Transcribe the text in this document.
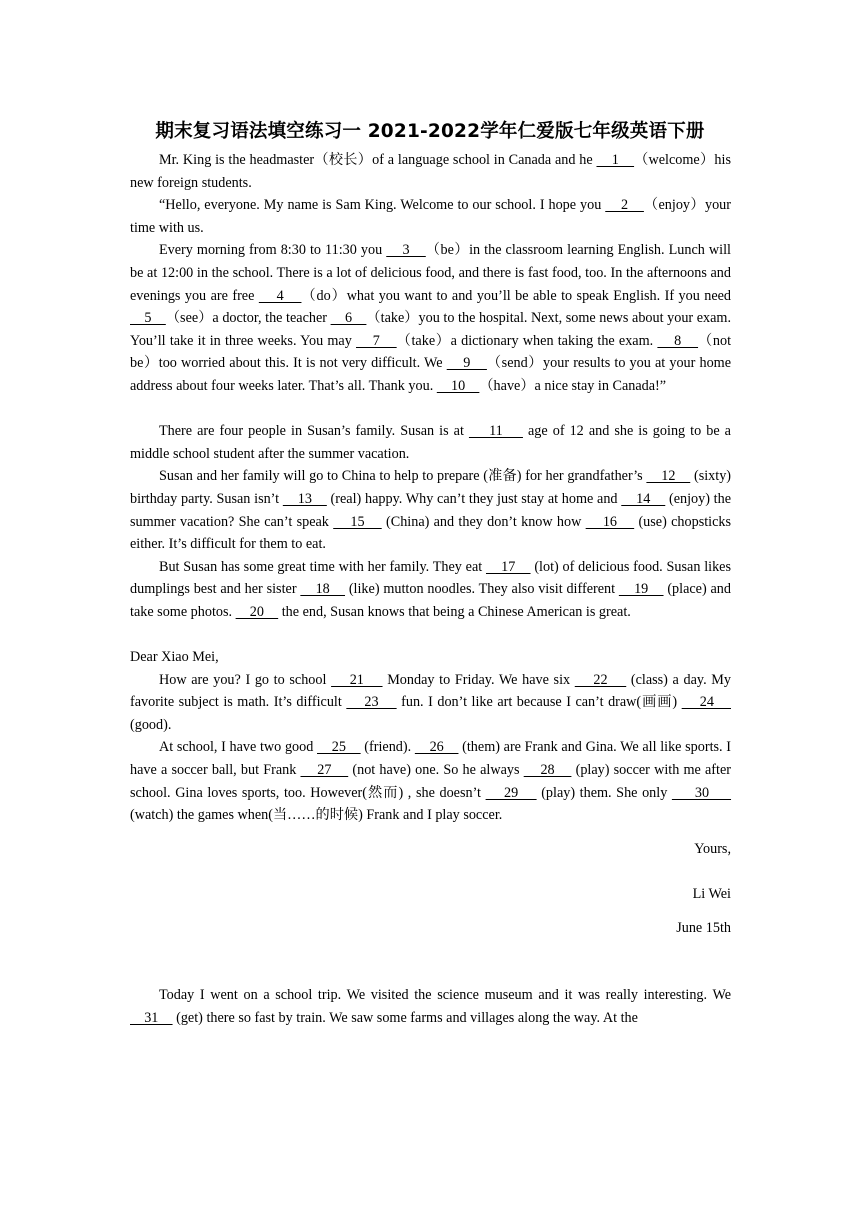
期末复习语法填空练习一 2021-2022学年仁爱版七年级英语下册

Mr. King is the headmaster（校长）of a language school in Canada and he     1    （welcome）his new foreign students.

“Hello, everyone. My name is Sam King. Welcome to our school. I hope you     2    （enjoy）your time with us.

Every morning from 8:30 to 11:30 you     3    （be）in the classroom learning English. Lunch will be at 12:00 in the school. There is a lot of delicious food, and there is fast food, too. In the afternoons and evenings you are free     4    （do）what you want to and you’ll be able to speak English. If you need     5    （see）a doctor, the teacher     6    （take）you to the hospital. Next, some news about your exam. You’ll take it in three weeks. You may     7    （take）a dictionary when taking the exam.     8    （not be）too worried about this. It is not very difficult. We     9    （send）your results to you at your home address about four weeks later. That’s all. Thank you.     10    （have）a nice stay in Canada!”

There are four people in Susan’s family. Susan is at     11     age of 12 and she is going to be a middle school student after the summer vacation.

Susan and her family will go to China to help to prepare (准备) for her grandfather’s     12     (sixty) birthday party. Susan isn’t     13     (real) happy. Why can’t they just stay at home and     14     (enjoy) the summer vacation? She can’t speak     15     (China) and they don’t know how     16     (use) chopsticks either. It’s difficult for them to eat.

But Susan has some great time with her family. They eat     17     (lot) of delicious food. Susan likes dumplings best and her sister     18     (like) mutton noodles. They also visit different     19     (place) and take some photos.     20     the end, Susan knows that being a Chinese American is great.

Dear Xiao Mei,

How are you? I go to school     21     Monday to Friday. We have six     22     (class) a day. My favorite subject is math. It’s difficult     23     fun. I don’t like art because I can’t draw(画画)     24     (good).

At school, I have two good     25     (friend).     26     (them) are Frank and Gina. We all like sports. I have a soccer ball, but Frank     27     (not have) one. So he always     28     (play) soccer with me after school. Gina loves sports, too. However(然而) , she doesn’t     29     (play) them. She only      30      (watch) the games when(当……的时候) Frank and I play soccer.

Yours,

Li Wei

June 15th

Today I went on a school trip. We visited the science museum and it was really interesting. We     31     (get) there so fast by train. We saw some farms and villages along the way. At the
